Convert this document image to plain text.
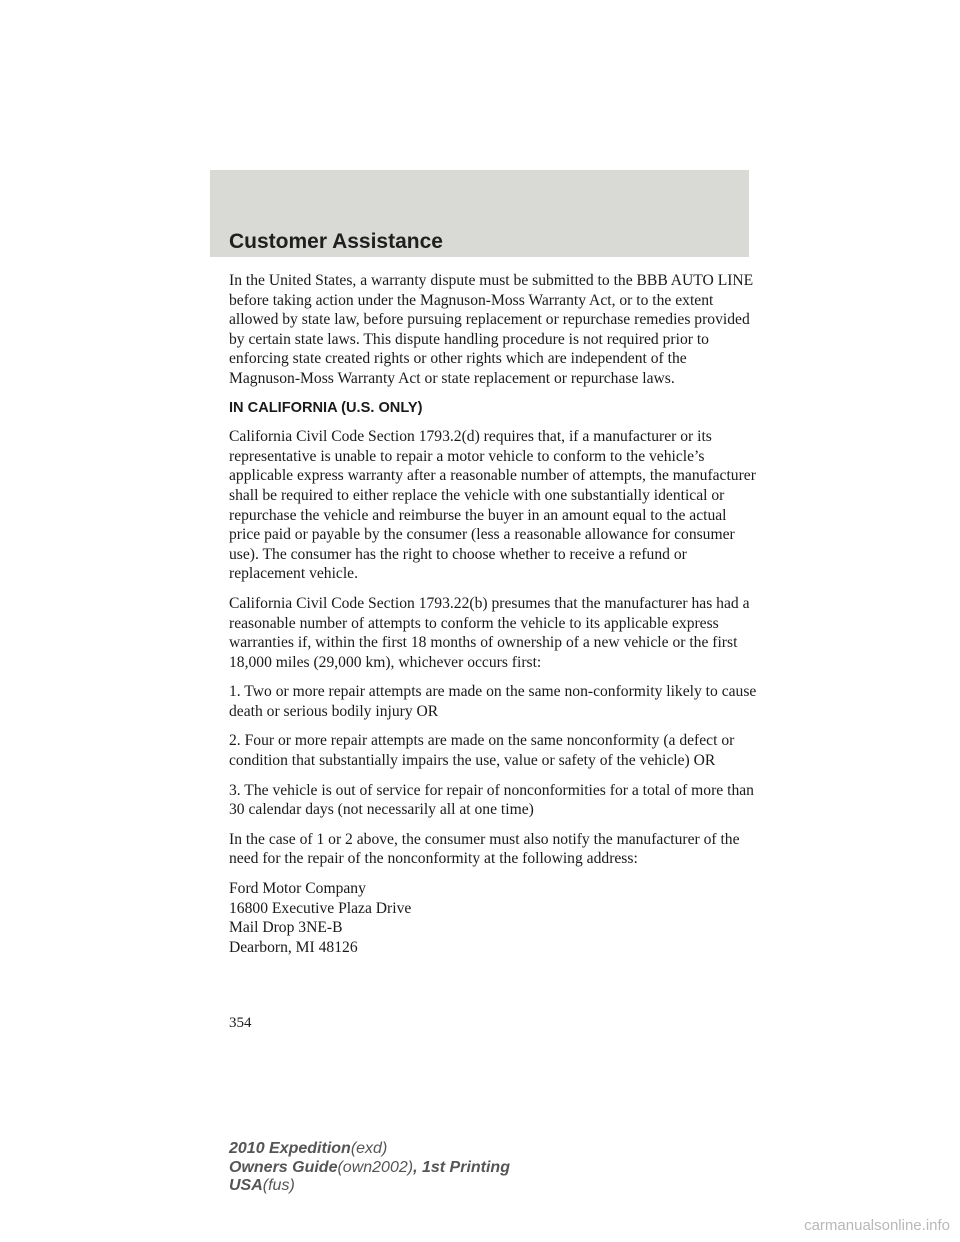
Customer Assistance

In the United States, a warranty dispute must be submitted to the BBB AUTO LINE before taking action under the Magnuson-Moss Warranty Act, or to the extent allowed by state law, before pursuing replacement or repurchase remedies provided by certain state laws. This dispute handling procedure is not required prior to enforcing state created rights or other rights which are independent of the Magnuson-Moss Warranty Act or state replacement or repurchase laws.

IN CALIFORNIA (U.S. ONLY)

California Civil Code Section 1793.2(d) requires that, if a manufacturer or its representative is unable to repair a motor vehicle to conform to the vehicle’s applicable express warranty after a reasonable number of attempts, the manufacturer shall be required to either replace the vehicle with one substantially identical or repurchase the vehicle and reimburse the buyer in an amount equal to the actual price paid or payable by the consumer (less a reasonable allowance for consumer use). The consumer has the right to choose whether to receive a refund or replacement vehicle.

California Civil Code Section 1793.22(b) presumes that the manufacturer has had a reasonable number of attempts to conform the vehicle to its applicable express warranties if, within the first 18 months of ownership of a new vehicle or the first 18,000 miles (29,000 km), whichever occurs first:

1. Two or more repair attempts are made on the same non-conformity likely to cause death or serious bodily injury OR

2. Four or more repair attempts are made on the same nonconformity (a defect or condition that substantially impairs the use, value or safety of the vehicle) OR

3. The vehicle is out of service for repair of nonconformities for a total of more than 30 calendar days (not necessarily all at one time)

In the case of 1 or 2 above, the consumer must also notify the manufacturer of the need for the repair of the nonconformity at the following address:

Ford Motor Company
16800 Executive Plaza Drive
Mail Drop 3NE-B
Dearborn, MI 48126

354

2010 Expedition(exd)
Owners Guide(own2002), 1st Printing
USA(fus)
carmanualsonline.info
